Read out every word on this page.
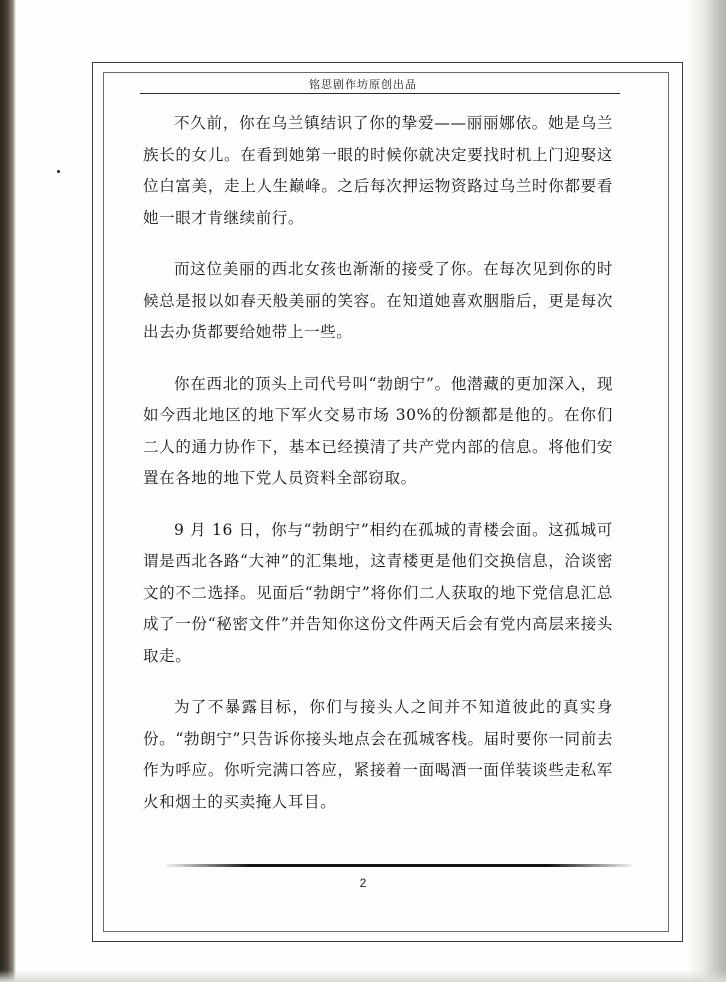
铭思剧作坊原创出品

不久前，你在乌兰镇结识了你的挚爱——丽丽娜依。她是乌兰族长的女儿。在看到她第一眼的时候你就决定要找时机上门迎娶这位白富美，走上人生巅峰。之后每次押运物资路过乌兰时你都要看她一眼才肯继续前行。

而这位美丽的西北女孩也渐渐的接受了你。在每次见到你的时候总是报以如春天般美丽的笑容。在知道她喜欢胭脂后，更是每次出去办货都要给她带上一些。

你在西北的顶头上司代号叫“勃朗宁”。他潜藏的更加深入，现如今西北地区的地下军火交易市场 30%的份额都是他的。在你们二人的通力协作下，基本已经摸清了共产党内部的信息。将他们安置在各地的地下党人员资料全部窃取。

9 月 16 日，你与“勃朗宁”相约在孤城的青楼会面。这孤城可谓是西北各路“大神”的汇集地，这青楼更是他们交换信息，洽谈密文的不二选择。见面后“勃朗宁”将你们二人获取的地下党信息汇总成了一份“秘密文件”并告知你这份文件两天后会有党内高层来接头取走。

为了不暴露目标，你们与接头人之间并不知道彼此的真实身份。“勃朗宁”只告诉你接头地点会在孤城客栈。届时要你一同前去作为呼应。你听完满口答应，紧接着一面喝酒一面佯装谈些走私军火和烟土的买卖掩人耳目。

2
